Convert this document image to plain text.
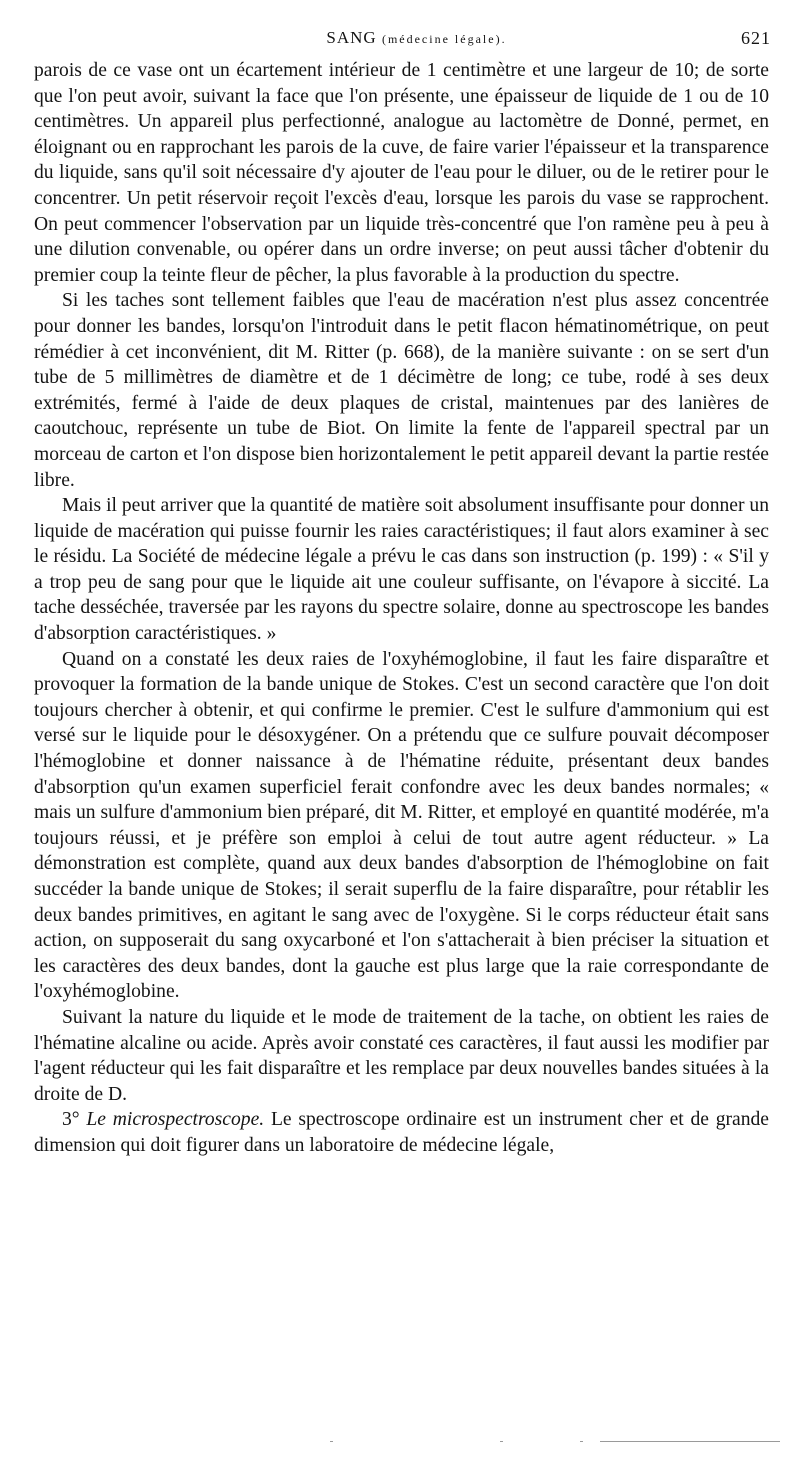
SANG (médecine légale).	621

parois de ce vase ont un écartement intérieur de 1 centimètre et une largeur de 10; de sorte que l'on peut avoir, suivant la face que l'on présente, une épaisseur de liquide de 1 ou de 10 centimètres. Un appareil plus perfectionné, analogue au lactomètre de Donné, permet, en éloignant ou en rapprochant les parois de la cuve, de faire varier l'épaisseur et la transparence du liquide, sans qu'il soit nécessaire d'y ajouter de l'eau pour le diluer, ou de le retirer pour le concentrer. Un petit réservoir reçoit l'excès d'eau, lorsque les parois du vase se rapprochent. On peut commencer l'observation par un liquide très-concentré que l'on ramène peu à peu à une dilution convenable, ou opérer dans un ordre inverse; on peut aussi tâcher d'obtenir du premier coup la teinte fleur de pêcher, la plus favorable à la production du spectre.

Si les taches sont tellement faibles que l'eau de macération n'est plus assez concentrée pour donner les bandes, lorsqu'on l'introduit dans le petit flacon hématinométrique, on peut rémédier à cet inconvénient, dit M. Ritter (p. 668), de la manière suivante : on se sert d'un tube de 5 millimètres de diamètre et de 1 décimètre de long; ce tube, rodé à ses deux extrémités, fermé à l'aide de deux plaques de cristal, maintenues par des lanières de caoutchouc, représente un tube de Biot. On limite la fente de l'appareil spectral par un morceau de carton et l'on dispose bien horizontalement le petit appareil devant la partie restée libre.

Mais il peut arriver que la quantité de matière soit absolument insuffisante pour donner un liquide de macération qui puisse fournir les raies caractéristiques; il faut alors examiner à sec le résidu. La Société de médecine légale a prévu le cas dans son instruction (p. 199) : « S'il y a trop peu de sang pour que le liquide ait une couleur suffisante, on l'évapore à siccité. La tache desséchée, traversée par les rayons du spectre solaire, donne au spectroscope les bandes d'absorption caractéristiques. »

Quand on a constaté les deux raies de l'oxyhémoglobine, il faut les faire disparaître et provoquer la formation de la bande unique de Stokes. C'est un second caractère que l'on doit toujours chercher à obtenir, et qui confirme le premier. C'est le sulfure d'ammonium qui est versé sur le liquide pour le désoxygéner. On a prétendu que ce sulfure pouvait décomposer l'hémoglobine et donner naissance à de l'hématine réduite, présentant deux bandes d'absorption qu'un examen superficiel ferait confondre avec les deux bandes normales; « mais un sulfure d'ammonium bien préparé, dit M. Ritter, et employé en quantité modérée, m'a toujours réussi, et je préfère son emploi à celui de tout autre agent réducteur. » La démonstration est complète, quand aux deux bandes d'absorption de l'hémoglobine on fait succéder la bande unique de Stokes; il serait superflu de la faire disparaître, pour rétablir les deux bandes primitives, en agitant le sang avec de l'oxygène. Si le corps réducteur était sans action, on supposerait du sang oxycarboné et l'on s'attacherait à bien préciser la situation et les caractères des deux bandes, dont la gauche est plus large que la raie correspondante de l'oxyhémoglobine.

Suivant la nature du liquide et le mode de traitement de la tache, on obtient les raies de l'hématine alcaline ou acide. Après avoir constaté ces caractères, il faut aussi les modifier par l'agent réducteur qui les fait disparaître et les remplace par deux nouvelles bandes situées à la droite de D.

3° Le microspectroscope. Le spectroscope ordinaire est un instrument cher et de grande dimension qui doit figurer dans un laboratoire de médecine légale,
